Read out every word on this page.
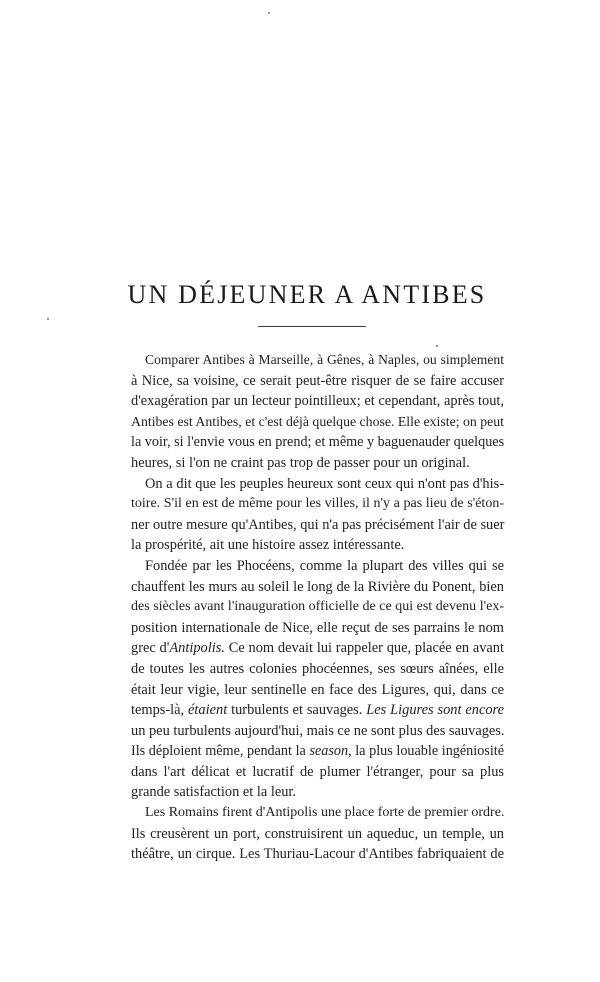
UN DÉJEUNER A ANTIBES
Comparer Antibes à Marseille, à Gênes, à Naples, ou simplement
à Nice, sa voisine, ce serait peut-être risquer de se faire accuser
d'exagération par un lecteur pointilleux; et cependant, après tout,
Antibes est Antibes, et c'est déjà quelque chose. Elle existe; on peut
la voir, si l'envie vous en prend; et même y baguenauder quelques
heures, si l'on ne craint pas trop de passer pour un original.
On a dit que les peuples heureux sont ceux qui n'ont pas d'his-
toire. S'il en est de même pour les villes, il n'y a pas lieu de s'éton-
ner outre mesure qu'Antibes, qui n'a pas précisément l'air de suer
la prospérité, ait une histoire assez intéressante.
Fondée par les Phocéens, comme la plupart des villes qui se
chauffent les murs au soleil le long de la Rivière du Ponent, bien
des siècles avant l'inauguration officielle de ce qui est devenu l'ex-
position internationale de Nice, elle reçut de ses parrains le nom
grec d'Antipolis. Ce nom devait lui rappeler que, placée en avant
de toutes les autres colonies phocéennes, ses sœurs aînées, elle
était leur vigie, leur sentinelle en face des Ligures, qui, dans ce
temps-là, étaient turbulents et sauvages. Les Ligures sont encore
un peu turbulents aujourd'hui, mais ce ne sont plus des sauvages.
Ils déploient même, pendant la season, la plus louable ingéniosité
dans l'art délicat et lucratif de plumer l'étranger, pour sa plus
grande satisfaction et la leur.
Les Romains firent d'Antipolis une place forte de premier ordre.
Ils creusèrent un port, construisirent un aqueduc, un temple, un
théâtre, un cirque. Les Thuriau-Lacour d'Antibes fabriquaient de
